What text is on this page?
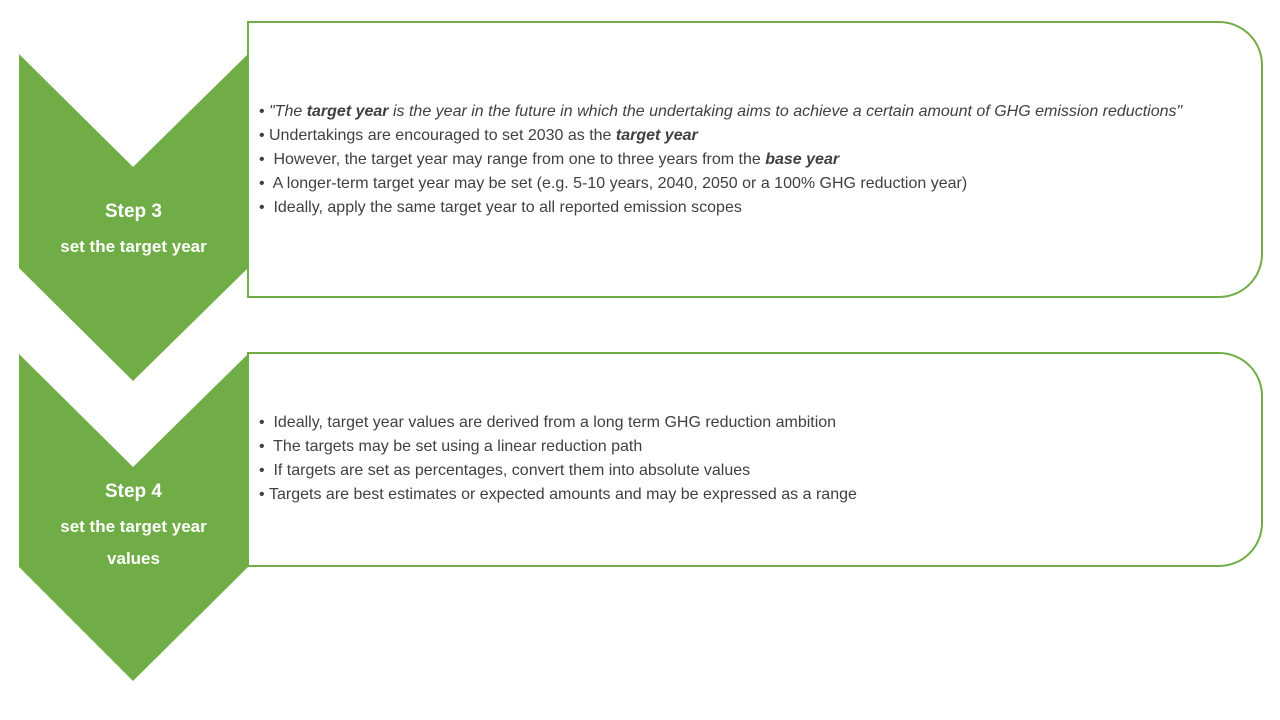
Step 3
set the target year
Step 4
set the target year
values
• "The target year is the year in the future in which the undertaking aims to achieve a certain amount of GHG emission reductions"
• Undertakings are encouraged to set 2030 as the target year
• However, the target year may range from one to three years from the base year
• A longer-term target year may be set (e.g. 5-10 years, 2040, 2050 or a 100% GHG reduction year)
• Ideally, apply the same target year to all reported emission scopes
• Ideally, target year values are derived from a long term GHG reduction ambition
• The targets may be set using a linear reduction path
• If targets are set as percentages, convert them into absolute values
• Targets are best estimates or expected amounts and may be expressed as a range
